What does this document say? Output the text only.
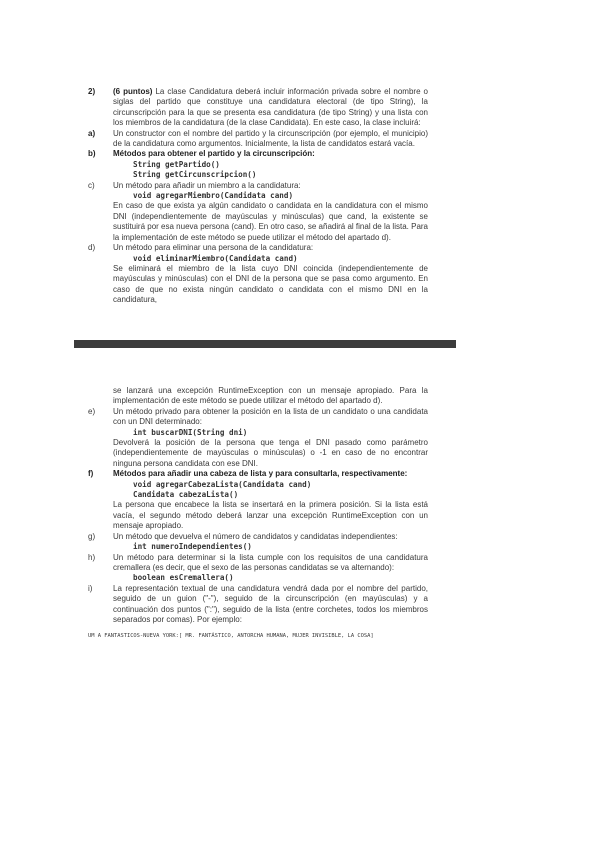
2)	(6 puntos) La clase Candidatura deberá incluir información privada sobre el nombre o siglas del partido que constituye una candidatura electoral (de tipo String), la circunscripción para la que se presenta esa candidatura (de tipo String) y una lista con los miembros de la candidatura (de la clase Candidata). En este caso, la clase incluirá:

a)	Un constructor con el nombre del partido y la circunscripción (por ejemplo, el municipio) de la candidatura como argumentos. Inicialmente, la lista de candidatos estará vacía.

b)	Métodos para obtener el partido y la circunscripción:

String getPartido()
String getCircunscripcion()
c)	Un método para añadir un miembro a la candidatura:

void agregarMiembro(Candidata cand)

En caso de que exista ya algún candidato o candidata en la candidatura con el mismo DNI (independientemente de mayúsculas y minúsculas) que cand, la existente se sustituirá por esa nueva persona (cand). En otro caso, se añadirá al final de la lista. Para la implementación de este método se puede utilizar el método del apartado d).

d)	Un método para eliminar una persona de la candidatura:

void eliminarMiembro(Candidata cand)

Se eliminará el miembro de la lista cuyo DNI coincida (independientemente de mayúsculas y minúsculas) con el DNI de la persona que se pasa como argumento. En caso de que no exista ningún candidato o candidata con el mismo DNI en la candidatura,

se lanzará una excepción RuntimeException con un mensaje apropiado. Para la implementación de este método se puede utilizar el método del apartado d).

e)	Un método privado para obtener la posición en la lista de un candidato o una candidata con un DNI determinado:

int buscarDNI(String dni)

Devolverá la posición de la persona que tenga el DNI pasado como parámetro (independientemente de mayúsculas o minúsculas) o -1 en caso de no encontrar ninguna persona candidata con ese DNI.

f)	Métodos para añadir una cabeza de lista y para consultarla, respectivamente:

void agregarCabezaLista(Candidata cand)
Candidata cabezaLista()

La persona que encabece la lista se insertará en la primera posición. Si la lista está vacía, el segundo método deberá lanzar una excepción RuntimeException con un mensaje apropiado.

g)	Un método que devuelva el número de candidatos y candidatas independientes:

int numeroIndependientes()
h)	Un método para determinar si la lista cumple con los requisitos de una candidatura cremallera (es decir, que el sexo de las personas candidatas se va alternando):

boolean esCremallera()
i)	La representación textual de una candidatura vendrá dada por el nombre del partido, seguido de un guion ("-"), seguido de la circunscripción (en mayúsculas) y a continuación dos puntos (":"), seguido de la lista (entre corchetes, todos los miembros separados por comas). Por ejemplo:

UM A FANTASTICOS-NUEVA YORK:[ MR. FANTÁSTICO, ANTORCHA HUMANA, MUJER INVISIBLE, LA COSA]
